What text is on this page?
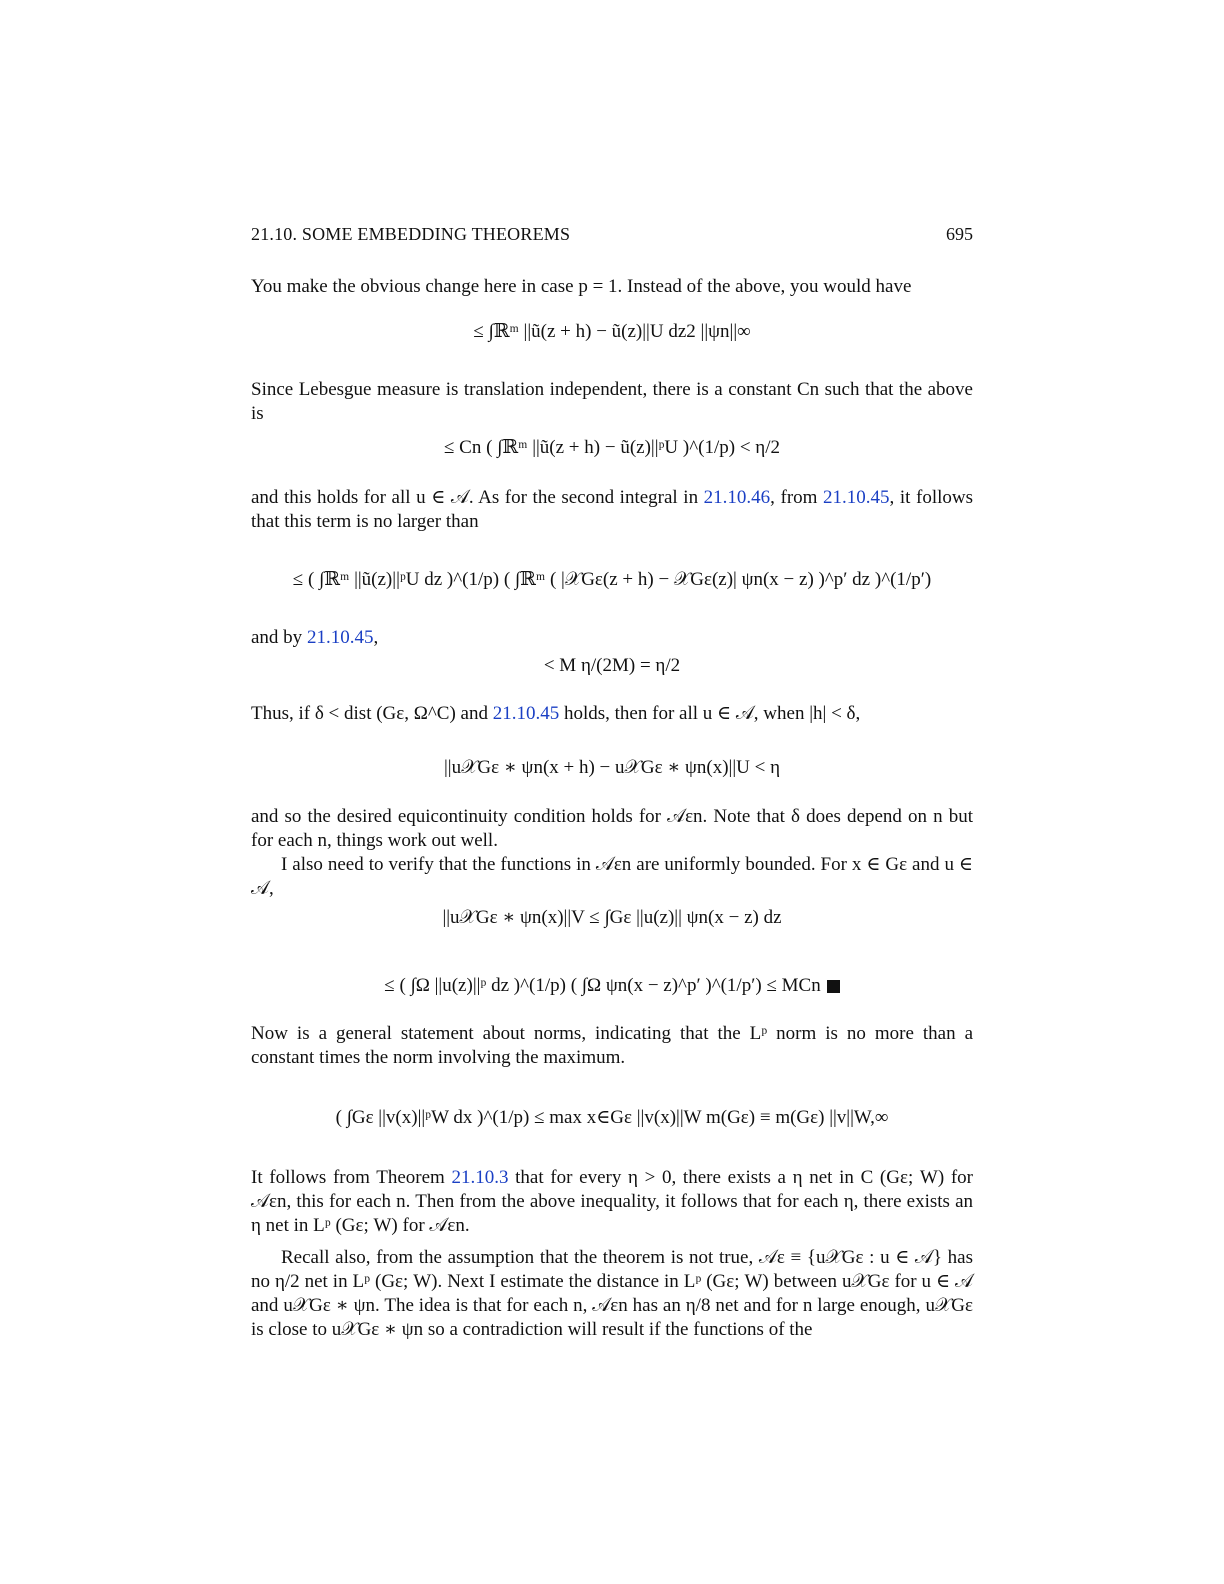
21.10. SOME EMBEDDING THEOREMS	695
You make the obvious change here in case p = 1. Instead of the above, you would have
≤ ∫ℝᵐ ||ũ(z + h) − ũ(z)||U dz2 ||ψn||∞
Since Lebesgue measure is translation independent, there is a constant Cn such that the above is
≤ Cn ( ∫ℝᵐ ||ũ(z + h) − ũ(z)||ᵖU )^(1/p) < η/2
and this holds for all u ∈ 𝒜. As for the second integral in 21.10.46, from 21.10.45, it follows that this term is no larger than
≤ ( ∫ℝᵐ ||ũ(z)||ᵖU dz )^(1/p) ( ∫ℝᵐ ( |𝒳Gε(z + h) − 𝒳Gε(z)| ψn(x − z) )^p′ dz )^(1/p′)
and by 21.10.45,
< M η/(2M) = η/2
Thus, if δ < dist (Gε, Ω^C) and 21.10.45 holds, then for all u ∈ 𝒜, when |h| < δ,
||u𝒳Gε ∗ ψn(x + h) − u𝒳Gε ∗ ψn(x)||U < η
and so the desired equicontinuity condition holds for 𝒜εn. Note that δ does depend on n but for each n, things work out well.
I also need to verify that the functions in 𝒜εn are uniformly bounded. For x ∈ Gε and u ∈ 𝒜,
||u𝒳Gε ∗ ψn(x)||V ≤ ∫Gε ||u(z)|| ψn(x − z) dz
≤ ( ∫Ω ||u(z)||ᵖ dz )^(1/p) ( ∫Ω ψn(x − z)^p′ )^(1/p′) ≤ MCn
Now is a general statement about norms, indicating that the Lᵖ norm is no more than a constant times the norm involving the maximum.
( ∫Gε ||v(x)||ᵖW dx )^(1/p) ≤ max x∈Gε ||v(x)||W m(Gε) ≡ m(Gε) ||v||W,∞
It follows from Theorem 21.10.3 that for every η > 0, there exists a η net in C (Gε; W) for 𝒜εn, this for each n. Then from the above inequality, it follows that for each η, there exists an η net in Lᵖ (Gε; W) for 𝒜εn.
Recall also, from the assumption that the theorem is not true, 𝒜ε ≡ {u𝒳Gε : u ∈ 𝒜} has no η/2 net in Lᵖ (Gε; W). Next I estimate the distance in Lᵖ (Gε; W) between u𝒳Gε for u ∈ 𝒜 and u𝒳Gε ∗ ψn. The idea is that for each n, 𝒜εn has an η/8 net and for n large enough, u𝒳Gε is close to u𝒳Gε ∗ ψn so a contradiction will result if the functions of the
